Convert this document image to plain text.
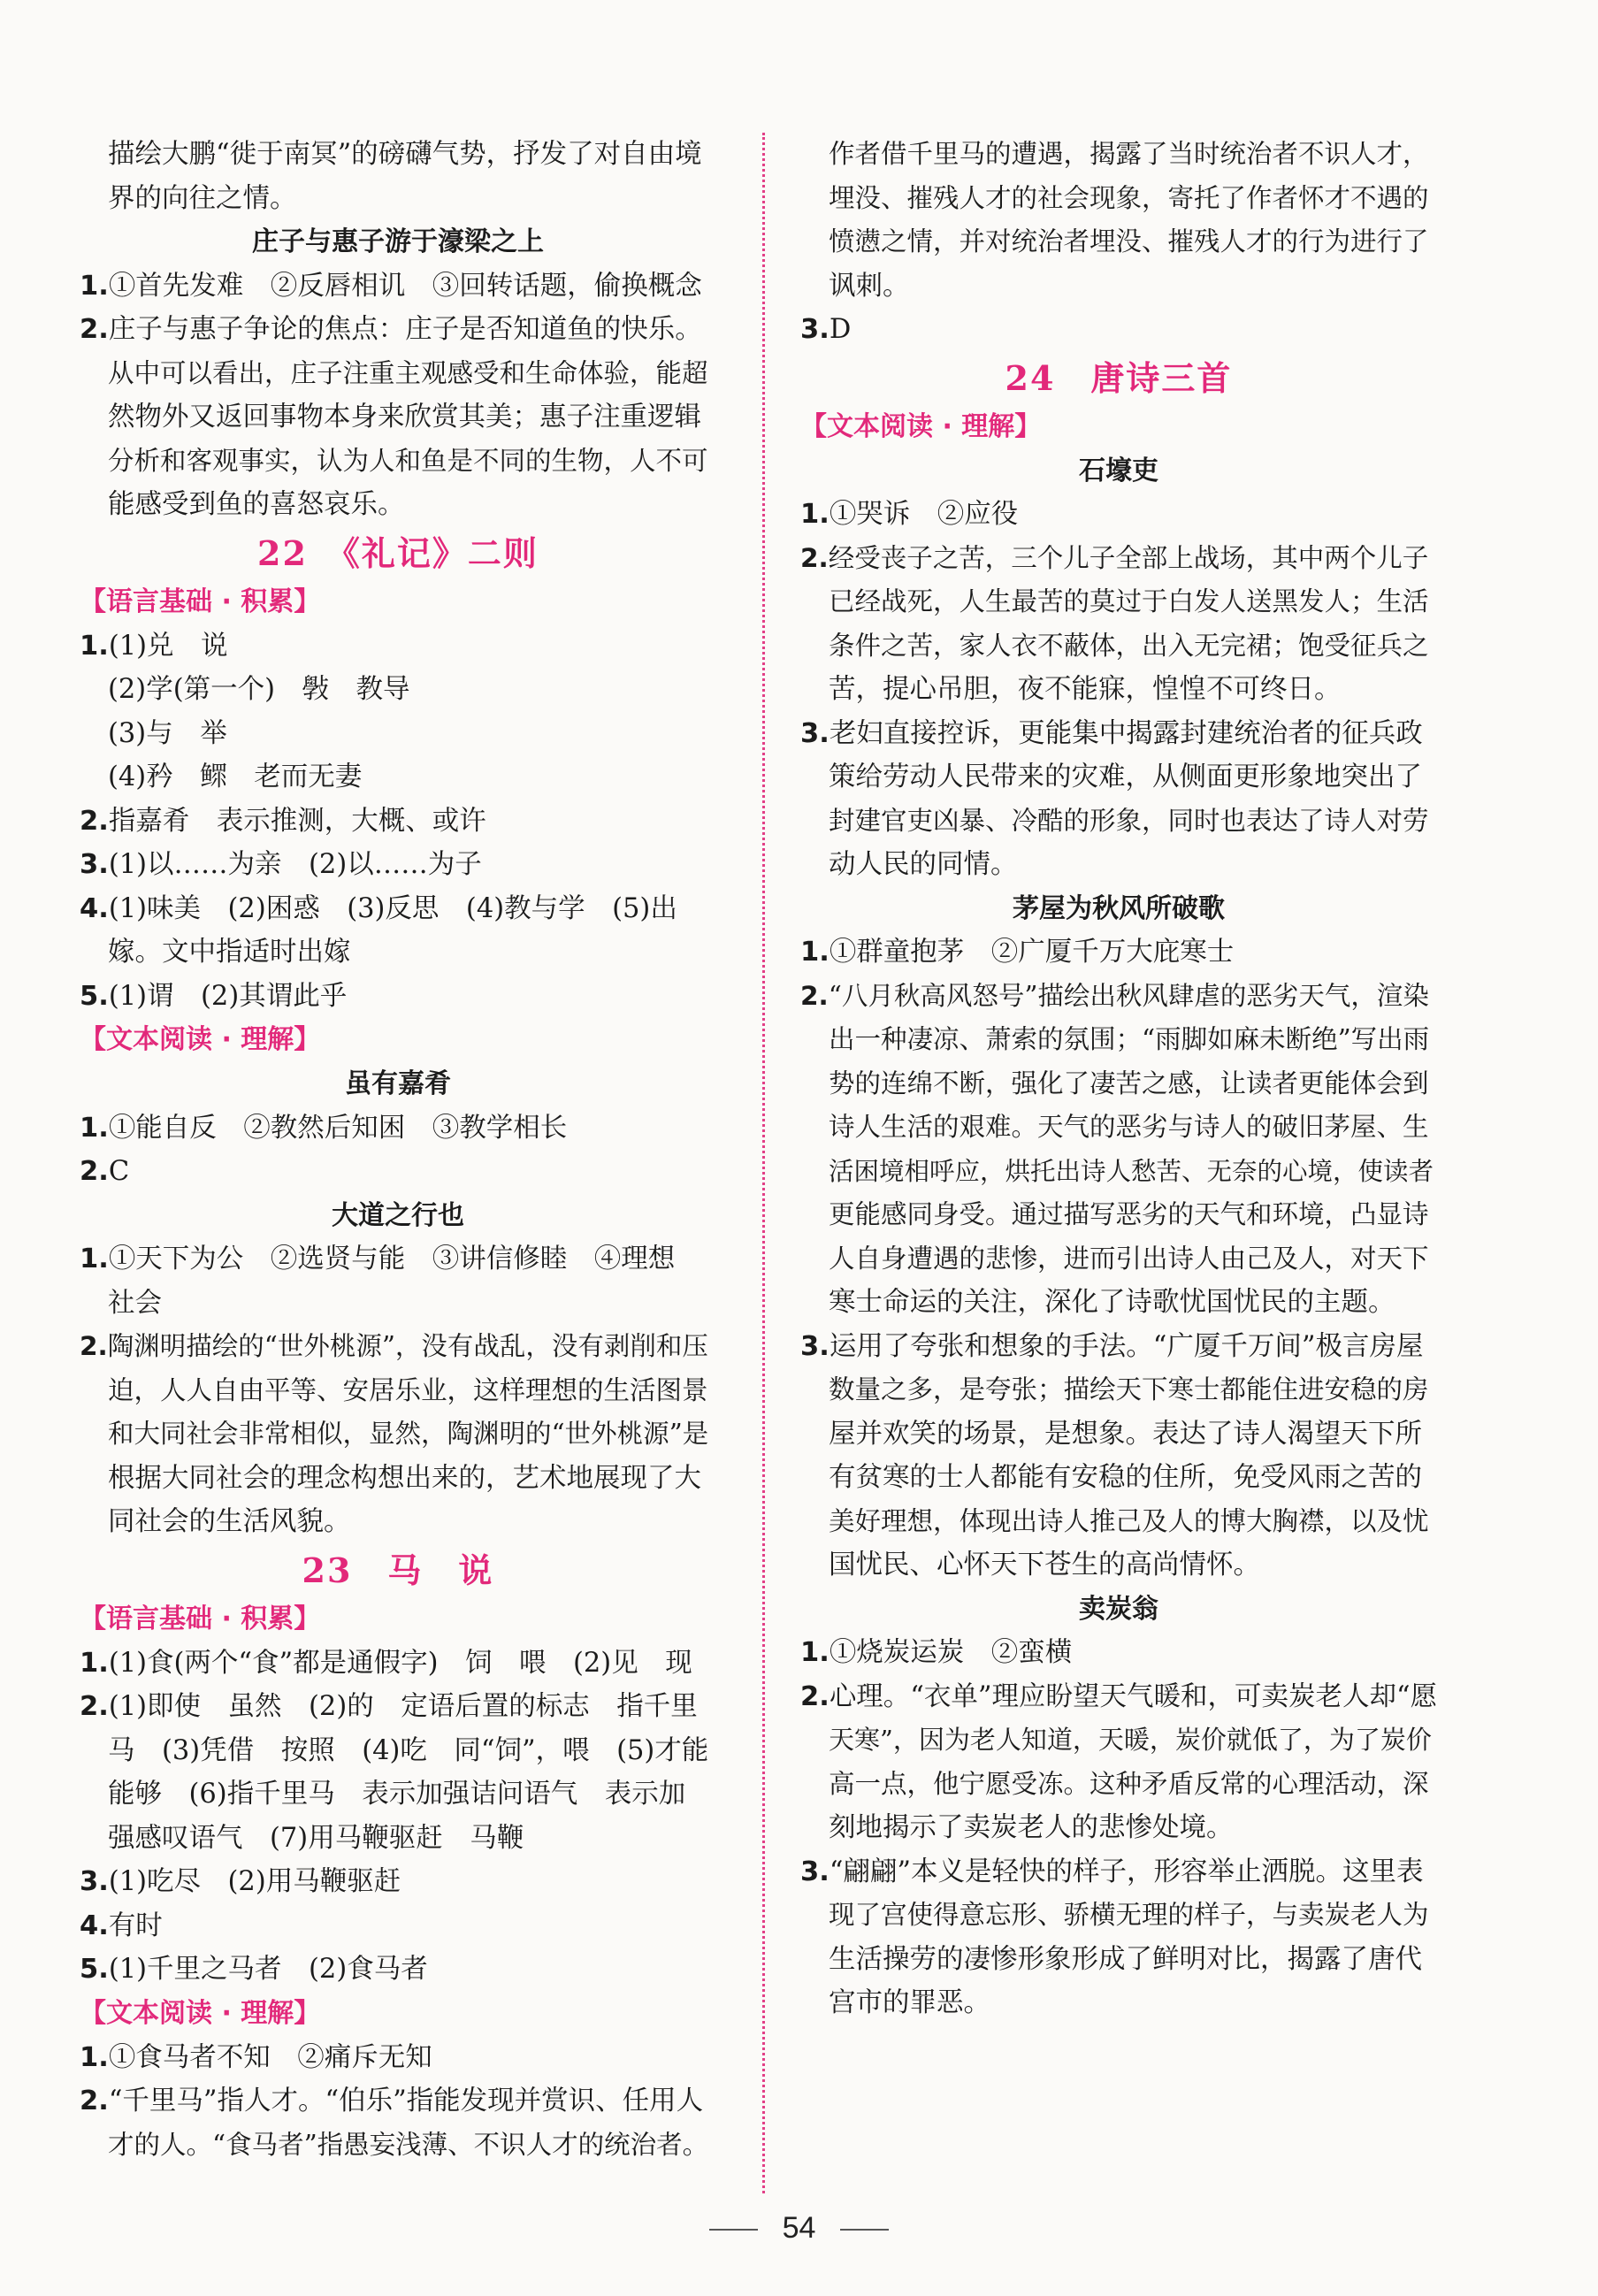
描绘大鹏“徙于南冥”的磅礴气势，抒发了对自由境

界的向往之情。

庄子与惠子游于濠梁之上

1.①首先发难　②反唇相讥　③回转话题，偷换概念

2.庄子与惠子争论的焦点：庄子是否知道鱼的快乐。

从中可以看出，庄子注重主观感受和生命体验，能超

然物外又返回事物本身来欣赏其美；惠子注重逻辑

分析和客观事实，认为人和鱼是不同的生物，人不可

能感受到鱼的喜怒哀乐。

22　《礼记》二则

【语言基础 · 积累】

1.(1)兑　说

(2)学(第一个)　斅　教导

(3)与　举

(4)矜　鳏　老而无妻

2.指嘉肴　表示推测，大概、或许

3.(1)以……为亲　(2)以……为子

4.(1)味美　(2)困惑　(3)反思　(4)教与学　(5)出

嫁。文中指适时出嫁

5.(1)谓　(2)其谓此乎

【文本阅读 · 理解】

虽有嘉肴

1.①能自反　②教然后知困　③教学相长

2.C

大道之行也

1.①天下为公　②选贤与能　③讲信修睦　④理想

社会

2.陶渊明描绘的“世外桃源”，没有战乱，没有剥削和压

迫，人人自由平等、安居乐业，这样理想的生活图景

和大同社会非常相似，显然，陶渊明的“世外桃源”是

根据大同社会的理念构想出来的，艺术地展现了大

同社会的生活风貌。

23　马　说

【语言基础 · 积累】

1.(1)食(两个“食”都是通假字)　饲　喂　(2)见　现

2.(1)即使　虽然　(2)的　定语后置的标志　指千里

马　(3)凭借　按照　(4)吃　同“饲”，喂　(5)才能

能够　(6)指千里马　表示加强诘问语气　表示加

强感叹语气　(7)用马鞭驱赶　马鞭

3.(1)吃尽　(2)用马鞭驱赶

4.有时

5.(1)千里之马者　(2)食马者

【文本阅读 · 理解】

1.①食马者不知　②痛斥无知

2.“千里马”指人才。“伯乐”指能发现并赏识、任用人

才的人。“食马者”指愚妄浅薄、不识人才的统治者。

作者借千里马的遭遇，揭露了当时统治者不识人才，

埋没、摧残人才的社会现象，寄托了作者怀才不遇的

愤懑之情，并对统治者埋没、摧残人才的行为进行了

讽刺。

3.D

24　唐诗三首

【文本阅读 · 理解】

石壕吏

1.①哭诉　②应役

2.经受丧子之苦，三个儿子全部上战场，其中两个儿子

已经战死，人生最苦的莫过于白发人送黑发人；生活

条件之苦，家人衣不蔽体，出入无完裙；饱受征兵之

苦，提心吊胆，夜不能寐，惶惶不可终日。

3.老妇直接控诉，更能集中揭露封建统治者的征兵政

策给劳动人民带来的灾难，从侧面更形象地突出了

封建官吏凶暴、冷酷的形象，同时也表达了诗人对劳

动人民的同情。

茅屋为秋风所破歌

1.①群童抱茅　②广厦千万大庇寒士

2.“八月秋高风怒号”描绘出秋风肆虐的恶劣天气，渲染

出一种凄凉、萧索的氛围；“雨脚如麻未断绝”写出雨

势的连绵不断，强化了凄苦之感，让读者更能体会到

诗人生活的艰难。天气的恶劣与诗人的破旧茅屋、生

活困境相呼应，烘托出诗人愁苦、无奈的心境，使读者

更能感同身受。通过描写恶劣的天气和环境，凸显诗

人自身遭遇的悲惨，进而引出诗人由己及人，对天下

寒士命运的关注，深化了诗歌忧国忧民的主题。

3.运用了夸张和想象的手法。“广厦千万间”极言房屋

数量之多，是夸张；描绘天下寒士都能住进安稳的房

屋并欢笑的场景，是想象。表达了诗人渴望天下所

有贫寒的士人都能有安稳的住所，免受风雨之苦的

美好理想，体现出诗人推己及人的博大胸襟，以及忧

国忧民、心怀天下苍生的高尚情怀。

卖炭翁

1.①烧炭运炭　②蛮横

2.心理。“衣单”理应盼望天气暖和，可卖炭老人却“愿

天寒”，因为老人知道，天暖，炭价就低了，为了炭价

高一点，他宁愿受冻。这种矛盾反常的心理活动，深

刻地揭示了卖炭老人的悲惨处境。

3.“翩翩”本义是轻快的样子，形容举止洒脱。这里表

现了宫使得意忘形、骄横无理的样子，与卖炭老人为

生活操劳的凄惨形象形成了鲜明对比，揭露了唐代

宫市的罪恶。

54
